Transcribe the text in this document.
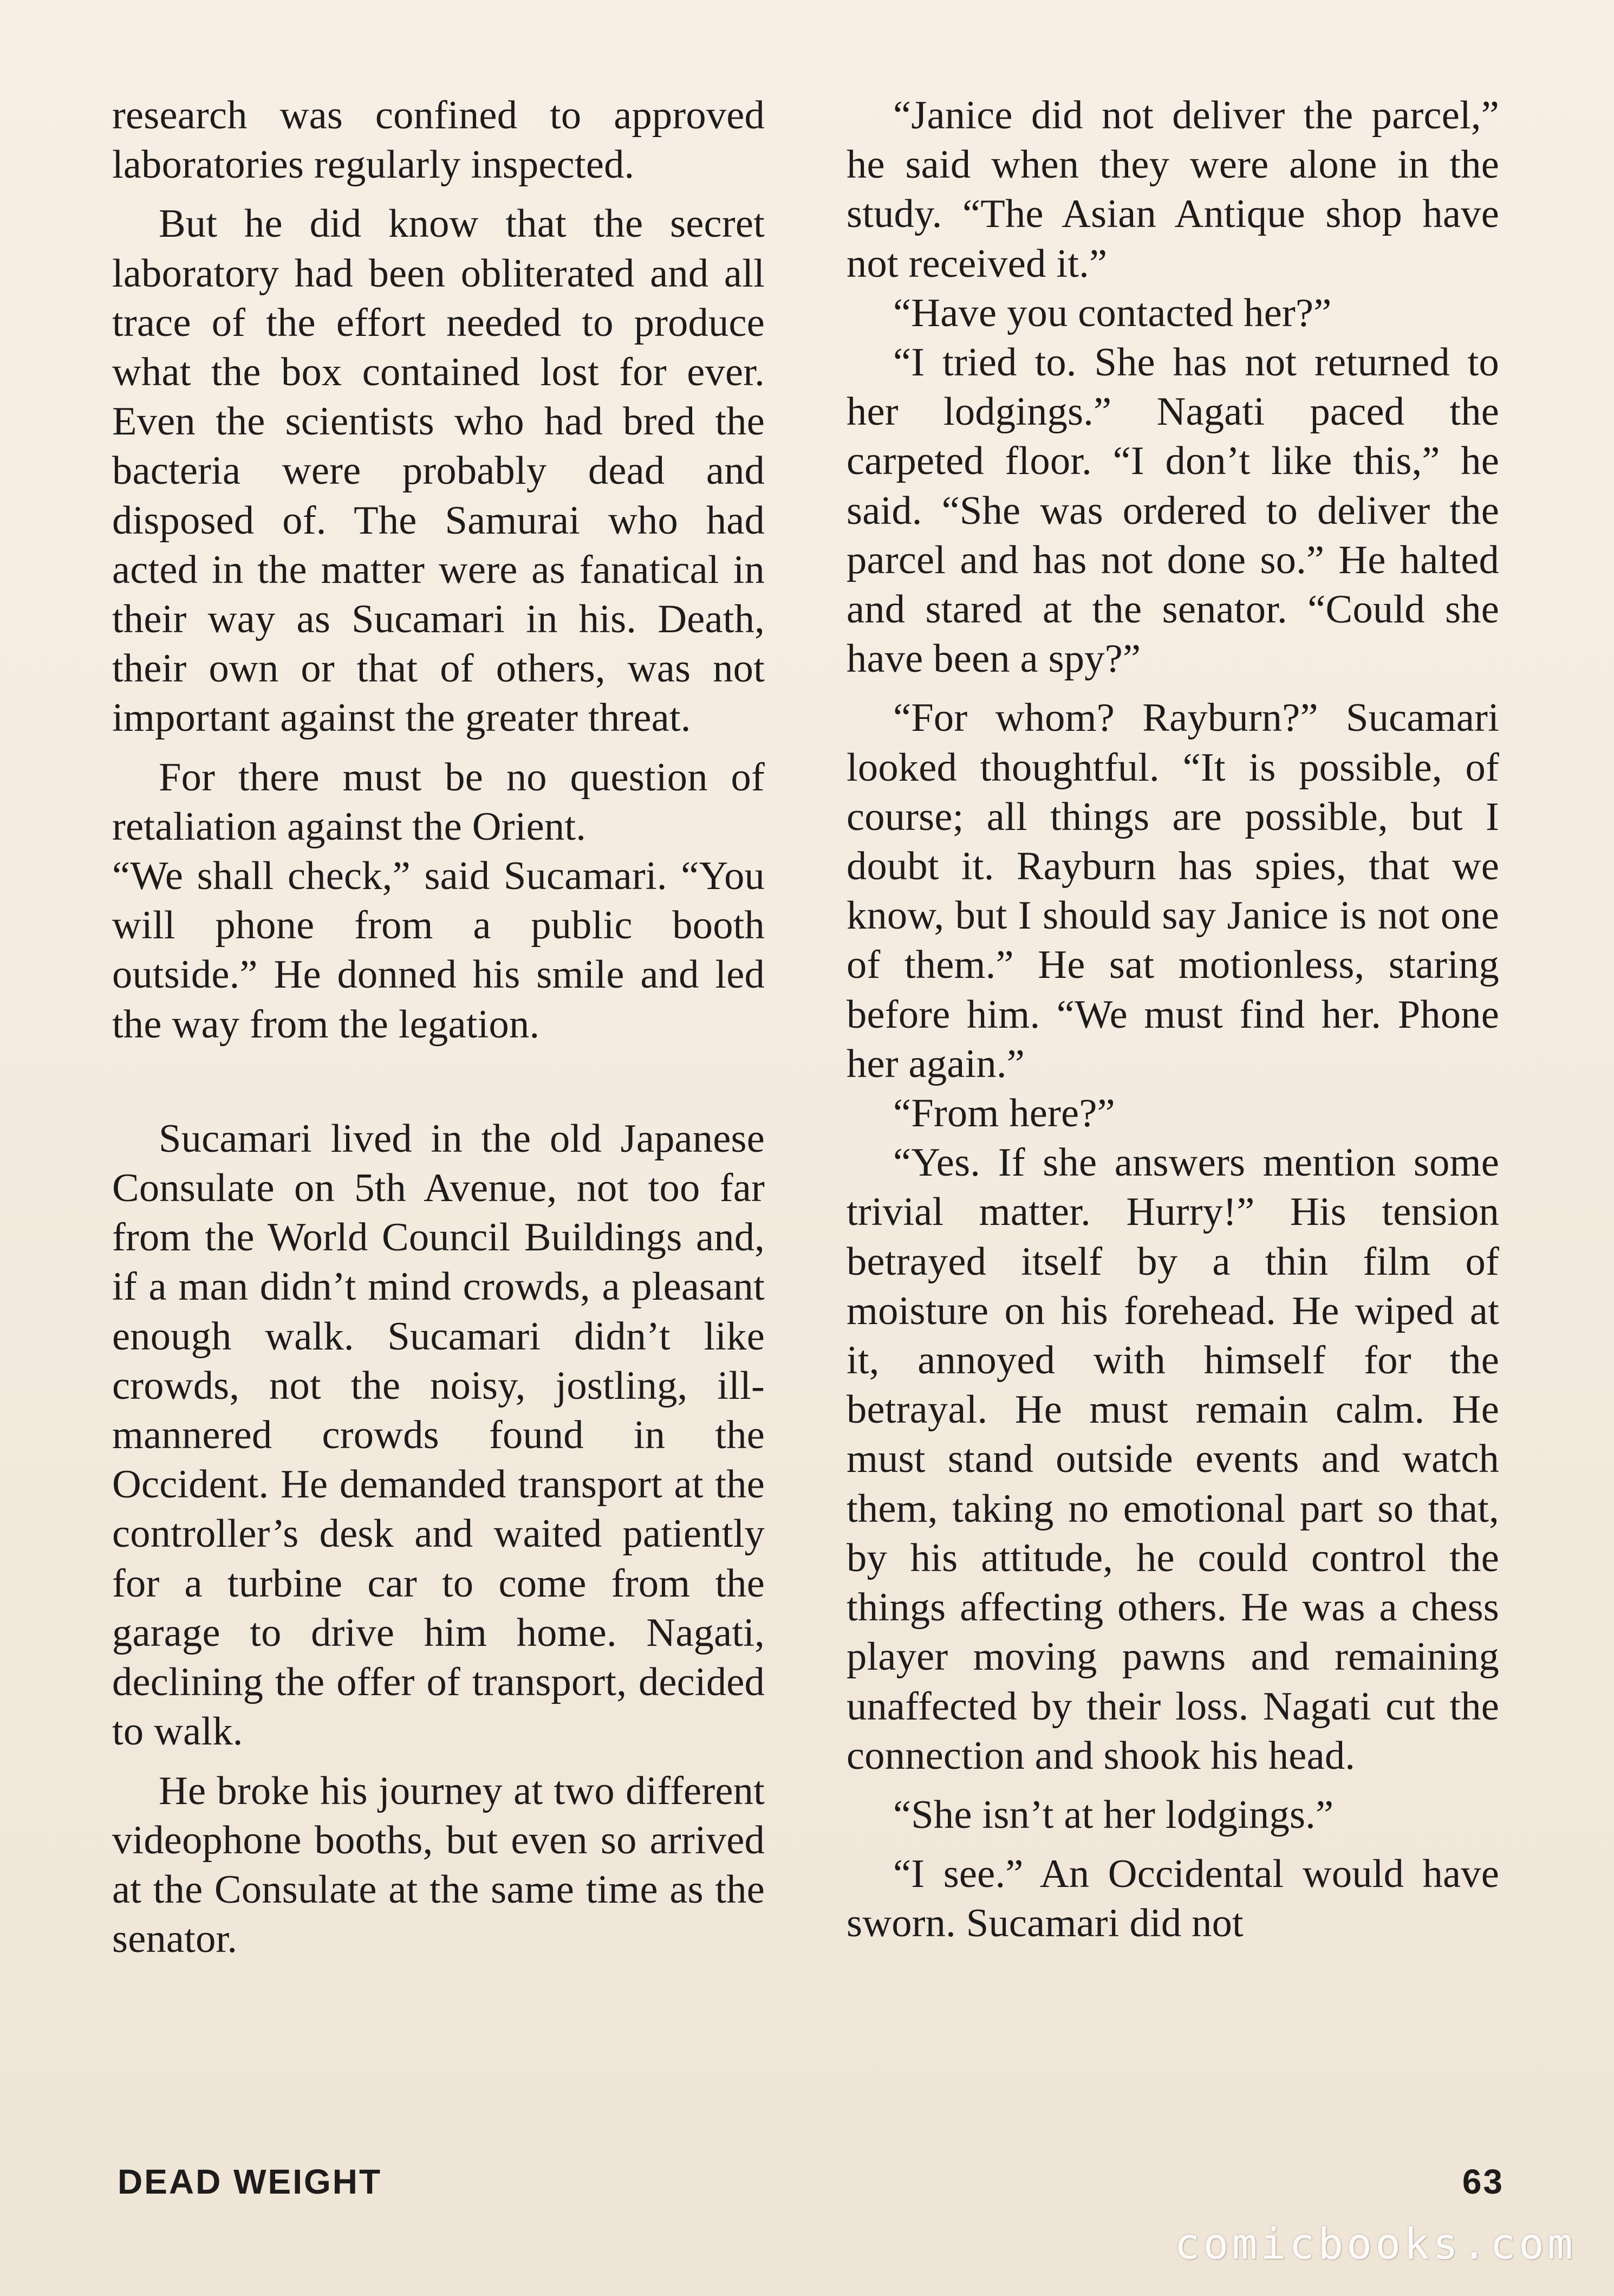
research was confined to approved laboratories regularly inspected.

But he did know that the secret laboratory had been obliterated and all trace of the effort needed to produce what the box contained lost for ever. Even the scientists who had bred the bacteria were probably dead and disposed of. The Samurai who had acted in the matter were as fanatical in their way as Sucamari in his. Death, their own or that of others, was not important against the greater threat.

For there must be no question of retaliation against the Orient.

“We shall check,” said Sucamari. “You will phone from a public booth outside.” He donned his smile and led the way from the legation.

Sucamari lived in the old Japanese Consulate on 5th Avenue, not too far from the World Council Buildings and, if a man didn’t mind crowds, a pleasant enough walk. Sucamari didn’t like crowds, not the noisy, jostling, ill-mannered crowds found in the Occident. He demanded transport at the controller’s desk and waited patiently for a turbine car to come from the garage to drive him home. Nagati, declining the offer of transport, decided to walk.

He broke his journey at two different videophone booths, but even so arrived at the Consulate at the same time as the senator.

“Janice did not deliver the parcel,” he said when they were alone in the study. “The Asian Antique shop have not received it.”

“Have you contacted her?”

“I tried to. She has not returned to her lodgings.” Nagati paced the carpeted floor. “I don’t like this,” he said. “She was ordered to deliver the parcel and has not done so.” He halted and stared at the senator. “Could she have been a spy?”

“For whom? Rayburn?” Sucamari looked thoughtful. “It is possible, of course; all things are possible, but I doubt it. Rayburn has spies, that we know, but I should say Janice is not one of them.” He sat motionless, staring before him. “We must find her. Phone her again.”

“From here?”

“Yes. If she answers mention some trivial matter. Hurry!” His tension betrayed itself by a thin film of moisture on his forehead. He wiped at it, annoyed with himself for the betrayal. He must remain calm. He must stand outside events and watch them, taking no emotional part so that, by his attitude, he could control the things affecting others. He was a chess player moving pawns and remaining unaffected by their loss. Nagati cut the connection and shook his head.

“She isn’t at her lodgings.”

“I see.” An Occidental would have sworn. Sucamari did not

DEAD WEIGHT	63
comicbooks.com
